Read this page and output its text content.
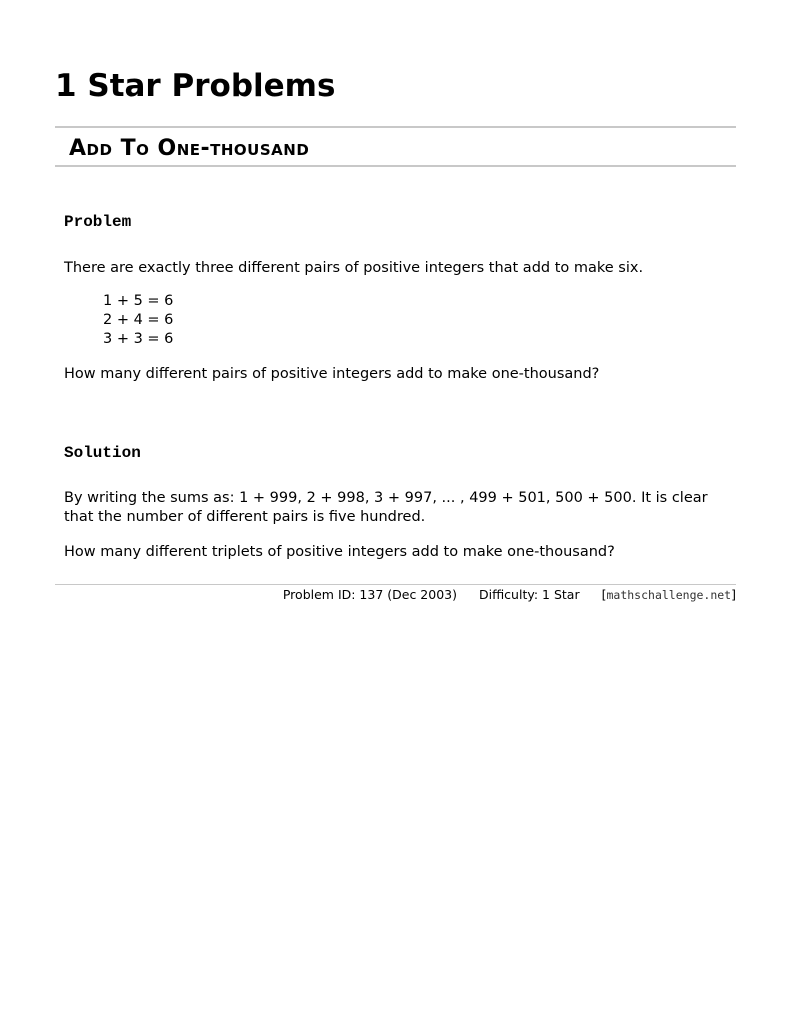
1 Star Problems
Add To One-thousand
Problem

There are exactly three different pairs of positive integers that add to make six.

1 + 5 = 6
2 + 4 = 6
3 + 3 = 6

How many different pairs of positive integers add to make one-thousand?

Solution

By writing the sums as: 1 + 999, 2 + 998, 3 + 997, ... , 499 + 501, 500 + 500. It is clear that the number of different pairs is five hundred.

How many different triplets of positive integers add to make one-thousand?

Problem ID: 137 (Dec 2003) Difficulty: 1 Star [mathschallenge.net]
